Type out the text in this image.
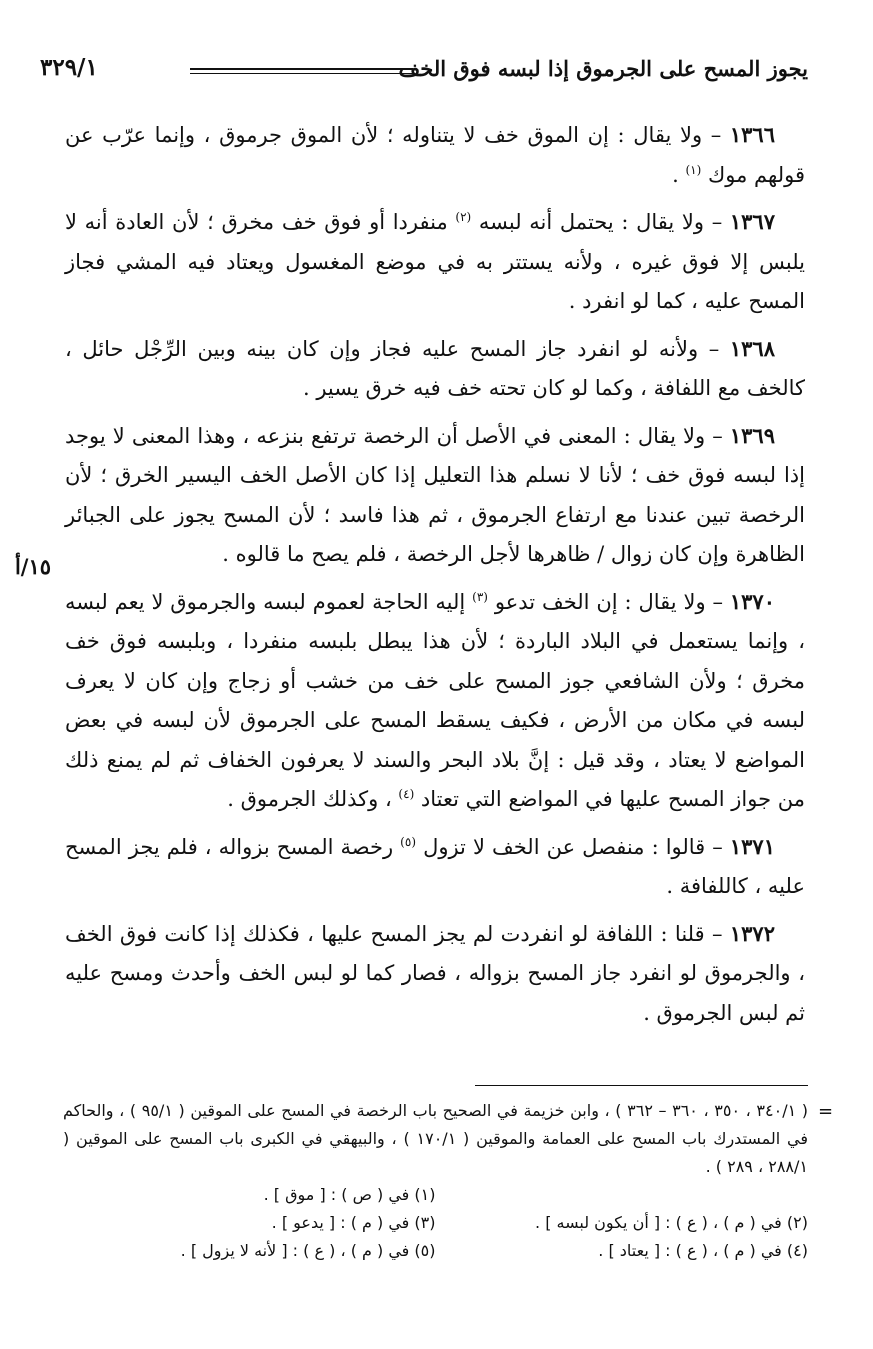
يجوز المسح على الجرموق إذا لبسه فوق الخف
٣٢٩/١
١٥/أ

١٣٦٦ – ولا يقال : إن الموق خف لا يتناوله ؛ لأن الموق جرموق ، وإنما عرّب عن قولهم موك $^{(١)}$ .

١٣٦٧ – ولا يقال : يحتمل أنه لبسه $^{(٢)}$ منفردا أو فوق خف مخرق ؛ لأن العادة أنه لا يلبس إلا فوق غيره ، ولأنه يستتر به في موضع المغسول ويعتاد فيه المشي فجاز المسح عليه ، كما لو انفرد .

١٣٦٨ – ولأنه لو انفرد جاز المسح عليه فجاز وإن كان بينه وبين الرِّجْل حائل ، كالخف مع اللفافة ، وكما لو كان تحته خف فيه خرق يسير .

١٣٦٩ – ولا يقال : المعنى في الأصل أن الرخصة ترتفع بنزعه ، وهذا المعنى لا يوجد إذا لبسه فوق خف ؛ لأنا لا نسلم هذا التعليل إذا كان الأصل الخف اليسير الخرق ؛ لأن الرخصة تبين عندنا مع ارتفاع الجرموق ، ثم هذا فاسد ؛ لأن المسح يجوز على الجبائر الظاهرة وإن كان زوال / ظاهرها لأجل الرخصة ، فلم يصح ما قالوه .

١٣٧٠ – ولا يقال : إن الخف تدعو $^{(٣)}$ إليه الحاجة لعموم لبسه والجرموق لا يعم لبسه ، وإنما يستعمل في البلاد الباردة ؛ لأن هذا يبطل بلبسه منفردا ، وبلبسه فوق خف مخرق ؛ ولأن الشافعي جوز المسح على خف من خشب أو زجاج وإن كان لا يعرف لبسه في مكان من الأرض ، فكيف يسقط المسح على الجرموق لأن لبسه في بعض المواضع لا يعتاد ، وقد قيل : إنَّ بلاد البحر والسند لا يعرفون الخفاف ثم لم يمنع ذلك من جواز المسح عليها في المواضع التي تعتاد $^{(٤)}$ ، وكذلك الجرموق .

١٣٧١ – قالوا : منفصل عن الخف لا تزول $^{(٥)}$ رخصة المسح بزواله ، فلم يجز المسح عليه ، كاللفافة .

١٣٧٢ – قلنا : اللفافة لو انفردت لم يجز المسح عليها ، فكذلك إذا كانت فوق الخف ، والجرموق لو انفرد جاز المسح بزواله ، فصار كما لو لبس الخف وأحدث ومسح عليه ثم لبس الجرموق .

=
( ٣٤٠/١ ، ٣٥٠ ، ٣٦٠ – ٣٦٢ ) ، وابن خزيمة في الصحيح باب الرخصة في المسح على الموقين ( ٩٥/١ ) ، والحاكم في المستدرك باب المسح على العمامة والموقين ( ١٧٠/١ ) ، والبيهقي في الكبرى باب المسح على الموقين ( ٢٨٨/١ ، ٢٨٩ ) .
(١) في ( ص ) : [ موق ] .
(٢) في ( م ) ، ( ع ) : [ أن يكون لبسه ] .
(٣) في ( م ) : [ يدعو ] .
(٤) في ( م ) ، ( ع ) : [ يعتاد ] .
(٥) في ( م ) ، ( ع ) : [ لأنه لا يزول ] .
